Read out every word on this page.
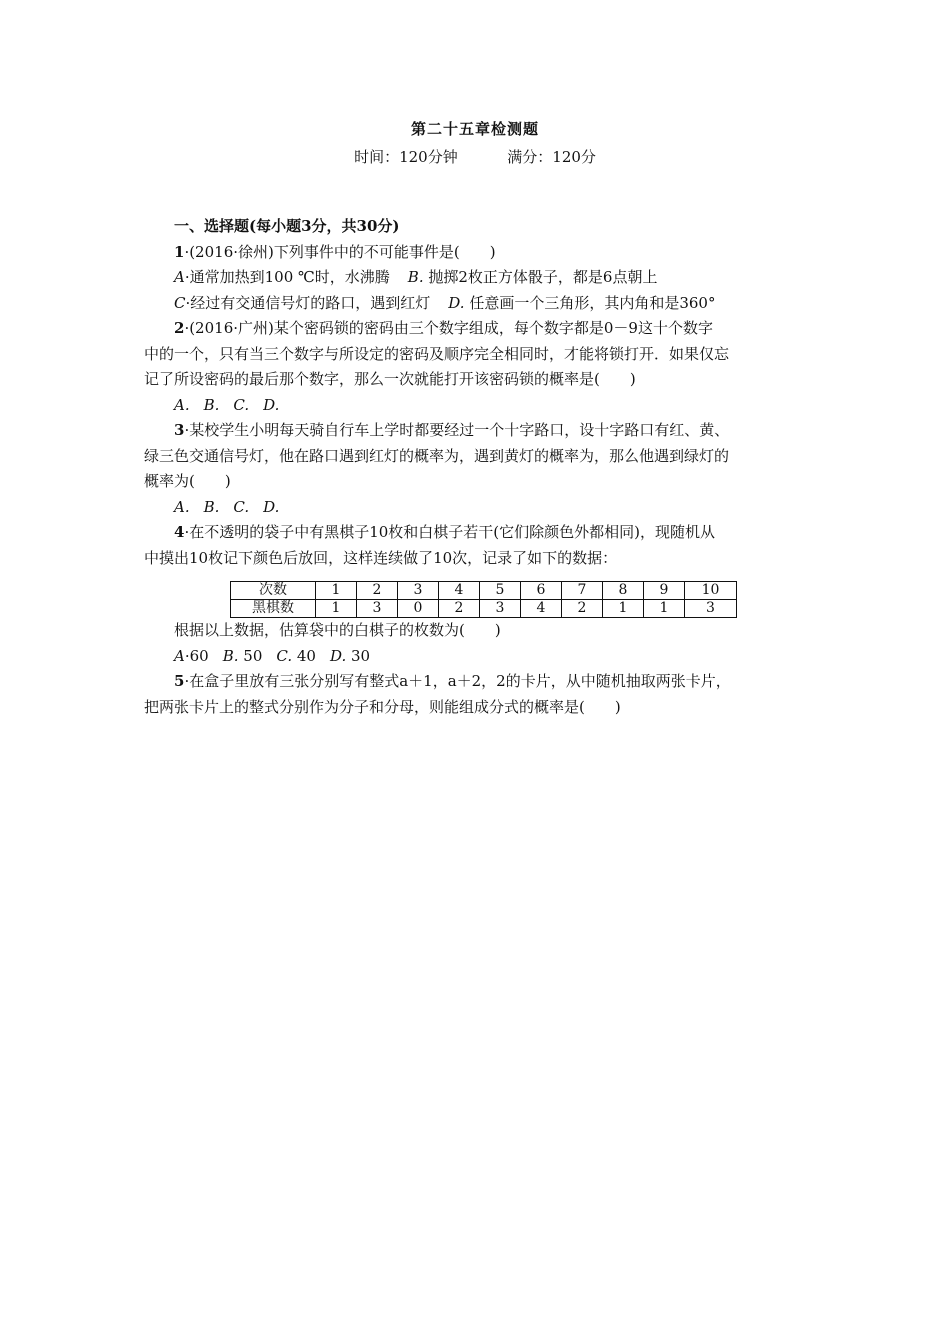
第二十五章检测题
时间：120分钟	满分：120分
一、选择题(每小题3分，共30分)
1·(2016·徐州)下列事件中的不可能事件是(　　)
A·通常加热到100 ℃时，水沸腾 B. 抛掷2枚正方体骰子，都是6点朝上
C·经过有交通信号灯的路口，遇到红灯 D. 任意画一个三角形，其内角和是360°
2·(2016·广州)某个密码锁的密码由三个数字组成，每个数字都是0－9这十个数字
中的一个，只有当三个数字与所设定的密码及顺序完全相同时，才能将锁打开．如果仅忘
记了所设密码的最后那个数字，那么一次就能打开该密码锁的概率是(　　)
A. B. C. D.
3·某校学生小明每天骑自行车上学时都要经过一个十字路口，设十字路口有红、黄、
绿三色交通信号灯，他在路口遇到红灯的概率为，遇到黄灯的概率为，那么他遇到绿灯的
概率为(　　)
A. B. C. D.
4·在不透明的袋子中有黑棋子10枚和白棋子若干(它们除颜色外都相同)，现随机从
中摸出10枚记下颜色后放回，这样连续做了10次，记录了如下的数据：
次数	1	2	3	4	5	6	7	8	9	10
黑棋数	1	3	0	2	3	4	2	1	1	3
根据以上数据，估算袋中的白棋子的枚数为(　　)
A·60 B. 50 C. 40 D. 30
5·在盒子里放有三张分别写有整式a＋1，a＋2，2的卡片，从中随机抽取两张卡片，
把两张卡片上的整式分别作为分子和分母，则能组成分式的概率是(　　)
